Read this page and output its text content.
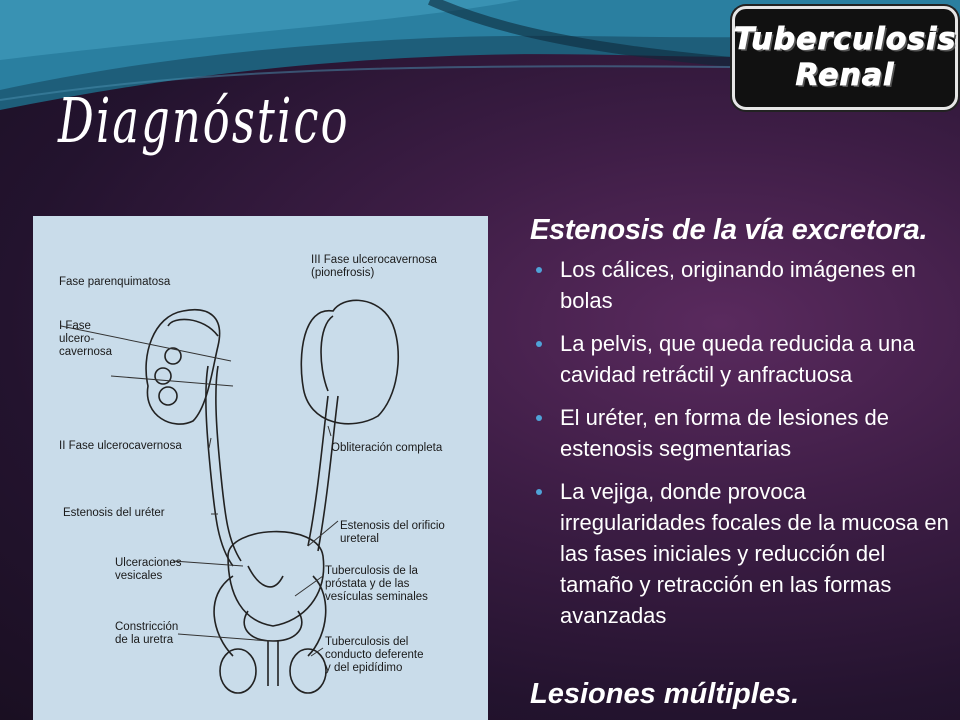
Tuberculosis
Renal
Diagnóstico
Fase parenquimatosa
I Fase
ulcero-
cavernosa
II Fase ulcerocavernosa
III Fase ulcerocavernosa
(pionefrosis)
Obliteración completa
Estenosis del uréter
Estenosis del orificio
ureteral
Ulceraciones
vesicales	Tuberculosis de la
próstata y de las
vesículas seminales
Constricción
de la uretra	Tuberculosis del
conducto deferente
y del epidídimo
Estenosis de la vía excretora.
Los cálices, originando imágenes en bolas
La pelvis, que queda reducida a una cavidad retráctil y anfractuosa
El uréter, en forma de lesiones de estenosis segmentarias
La vejiga, donde provoca irregularidades focales de la mucosa en las fases iniciales y reducción del tamaño y retracción en las formas avanzadas
Lesiones múltiples.
